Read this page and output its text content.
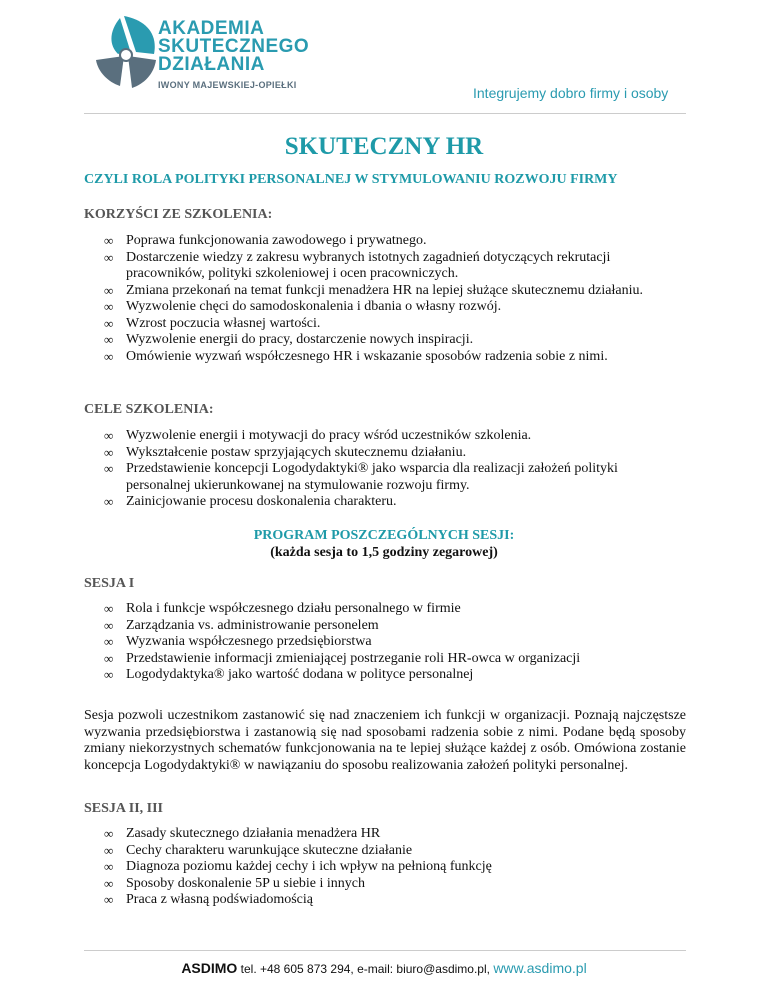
AKADEMIA
SKUTECZNEGO
DZIAŁANIA
IWONY MAJEWSKIEJ-OPIEŁKI	Integrujemy dobro firmy i osoby
SKUTECZNY HR
CZYLI ROLA POLITYKI PERSONALNEJ W STYMULOWANIU ROZWOJU FIRMY
KORZYŚCI ZE SZKOLENIA:
∞ Poprawa funkcjonowania zawodowego i prywatnego.
∞ Dostarczenie wiedzy z zakresu wybranych istotnych zagadnień dotyczących rekrutacji pracowników, polityki szkoleniowej i ocen pracowniczych.
∞ Zmiana przekonań na temat funkcji menadżera HR na lepiej służące skutecznemu działaniu.
∞ Wyzwolenie chęci do samodoskonalenia i dbania o własny rozwój.
∞ Wzrost poczucia własnej wartości.
∞ Wyzwolenie energii do pracy, dostarczenie nowych inspiracji.
∞ Omówienie wyzwań współczesnego HR i wskazanie sposobów radzenia sobie z nimi.
CELE SZKOLENIA:
∞ Wyzwolenie energii i motywacji do pracy wśród uczestników szkolenia.
∞ Wykształcenie postaw sprzyjających skutecznemu działaniu.
∞ Przedstawienie koncepcji Logodydaktyki® jako wsparcia dla realizacji założeń polityki personalnej ukierunkowanej na stymulowanie rozwoju firmy.
∞ Zainicjowanie procesu doskonalenia charakteru.
PROGRAM POSZCZEGÓLNYCH SESJI:
(każda sesja to 1,5 godziny zegarowej)
SESJA I
∞ Rola i funkcje współczesnego działu personalnego w firmie
∞ Zarządzania vs. administrowanie personelem
∞ Wyzwania współczesnego przedsiębiorstwa
∞ Przedstawienie informacji zmieniającej postrzeganie roli HR-owca w organizacji
∞ Logodydaktyka® jako wartość dodana w polityce personalnej
Sesja pozwoli uczestnikom zastanowić się nad znaczeniem ich funkcji w organizacji. Poznają najczęstsze wyzwania przedsiębiorstwa i zastanowią się nad sposobami radzenia sobie z nimi. Podane będą sposoby zmiany niekorzystnych schematów funkcjonowania na te lepiej służące każdej z osób. Omówiona zostanie koncepcja Logodydaktyki® w nawiązaniu do sposobu realizowania założeń polityki personalnej.
SESJA II, III
∞ Zasady skutecznego działania menadżera HR
∞ Cechy charakteru warunkujące skuteczne działanie
∞ Diagnoza poziomu każdej cechy i ich wpływ na pełnioną funkcję
∞ Sposoby doskonalenie 5P u siebie i innych
∞ Praca z własną podświadomością
ASDIMO tel. +48 605 873 294, e-mail: biuro@asdimo.pl, www.asdimo.pl
